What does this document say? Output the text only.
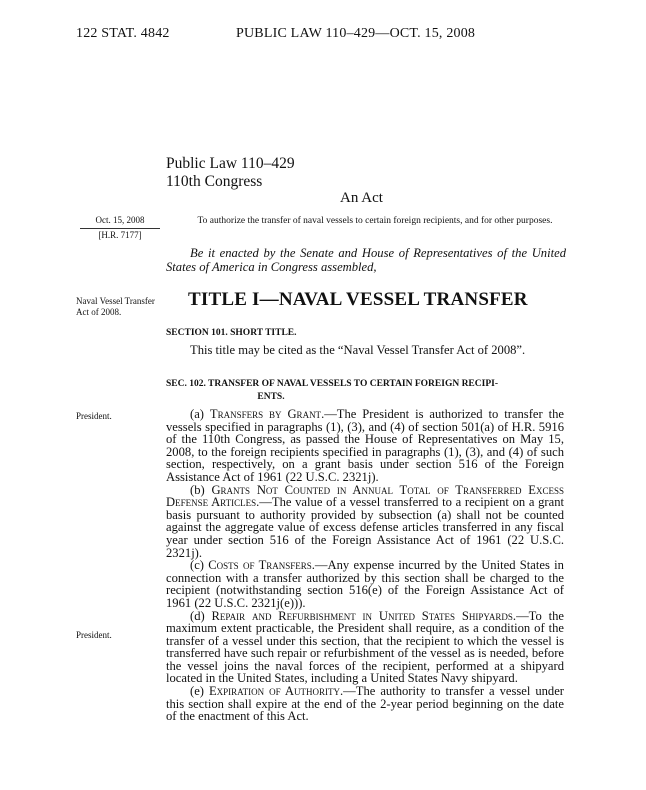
122 STAT. 4842	PUBLIC LAW 110–429—OCT. 15, 2008
Public Law 110–429
110th Congress
An Act
Oct. 15, 2008
[H.R. 7177]
To authorize the transfer of naval vessels to certain foreign recipients, and for other purposes.
Be it enacted by the Senate and House of Representatives of the United States of America in Congress assembled,
Naval Vessel Transfer Act of 2008.
TITLE I—NAVAL VESSEL TRANSFER
SECTION 101. SHORT TITLE.

This title may be cited as the “Naval Vessel Transfer Act of 2008”.

SEC. 102. TRANSFER OF NAVAL VESSELS TO CERTAIN FOREIGN RECIPI-
ENTS.
President.	(a) Transfers by Grant.—The President is authorized to transfer the vessels specified in paragraphs (1), (3), and (4) of section 501(a) of H.R. 5916 of the 110th Congress, as passed the House of Representatives on May 15, 2008, to the foreign recipients specified in paragraphs (1), (3), and (4) of such section, respectively, on a grant basis under section 516 of the Foreign Assistance Act of 1961 (22 U.S.C. 2321j).

(b) Grants Not Counted in Annual Total of Transferred Excess Defense Articles.—The value of a vessel transferred to a recipient on a grant basis pursuant to authority provided by subsection (a) shall not be counted against the aggregate value of excess defense articles transferred in any fiscal year under section 516 of the Foreign Assistance Act of 1961 (22 U.S.C. 2321j).

(c) Costs of Transfers.—Any expense incurred by the United States in connection with a transfer authorized by this section shall be charged to the recipient (notwithstanding section 516(e) of the Foreign Assistance Act of 1961 (22 U.S.C. 2321j(e))).

(d) Repair and Refurbishment in United States Shipyards.—To the maximum extent practicable, the President shall require, as a condition of the transfer of a vessel under this section, that the recipient to which the vessel is transferred have such repair or refurbishment of the vessel as is needed, before the vessel joins the naval forces of the recipient, performed at a shipyard located in the United States, including a United States Navy shipyard.

(e) Expiration of Authority.—The authority to transfer a vessel under this section shall expire at the end of the 2-year period beginning on the date of the enactment of this Act.

President.
